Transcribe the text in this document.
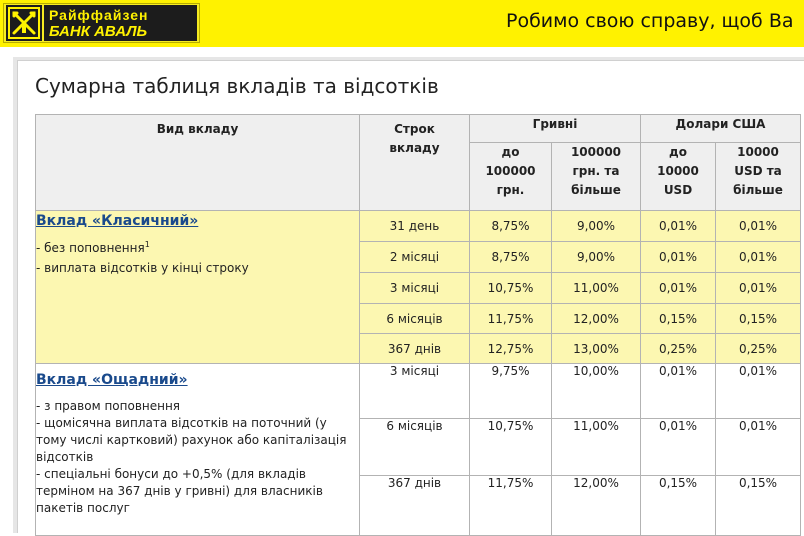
Райффайзен
БАНК АВАЛЬ	Робимо свою справу, щоб Ва
Сумарна таблиця вкладів та відсотків
Вид вкладу	Строк вкладу	Гривні		Долари США	
		до 100000 грн.	100000 грн. та більше	до 10000 USD	10000 USD та більше
Вклад «Класичний»
- без поповнення$^1$
- виплата відсотків у кінці строку	31 день	8,75%	9,00%	0,01%	0,01%
	2 місяці	8,75%	9,00%	0,01%	0,01%
	3 місяці	10,75%	11,00%	0,01%	0,01%
	6 місяців	11,75%	12,00%	0,15%	0,15%
	367 днів	12,75%	13,00%	0,25%	0,25%
Вклад «Ощадний»
- з правом поповнення
- щомісячна виплата відсотків на поточний (у тому числі картковий) рахунок або капіталізація відсотків
- спеціальні бонуси до +0,5% (для вкладів терміном на 367 днів у гривні) для власників пакетів послуг	3 місяці	9,75%	10,00%	0,01%	0,01%
	6 місяців	10,75%	11,00%	0,01%	0,01%
	367 днів	11,75%	12,00%	0,15%	0,15%
